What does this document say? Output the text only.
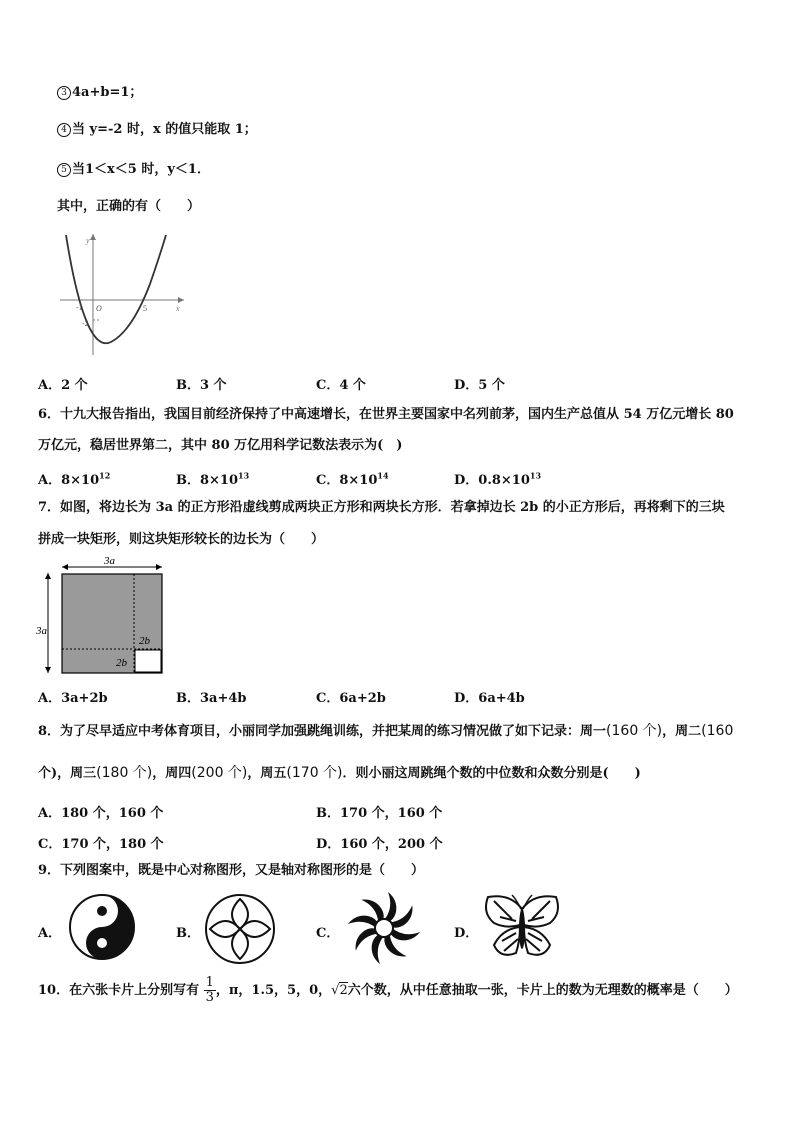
3 4a+b=1；
4 当 y=-2 时，x 的值只能取 1；
5 当1＜x＜5 时，y＜1．
其中，正确的有（　　）
y
x
O
-1	5
-2
A．2 个	B．3 个	C．4 个	D．5 个
6．十九大报告指出，我国目前经济保持了中高速增长，在世界主要国家中名列前茅，国内生产总值从 54 万亿元增长 80
万亿元，稳居世界第二，其中 80 万亿用科学记数法表示为(　)
A．$8\times 10^{12}$	B．$8\times 10^{13}$	C．$8\times 10^{14}$	D．$0.8\times 10^{13}$
7．如图，将边长为 3a 的正方形沿虚线剪成两块正方形和两块长方形．若拿掉边长 2b 的小正方形后，再将剩下的三块
拼成一块矩形，则这块矩形较长的边长为（　　）
3a
3a
2b
2b
A．3a+2b	B．3a+4b	C．6a+2b	D．6a+4b
8．为了尽早适应中考体育项目，小丽同学加强跳绳训练，并把某周的练习情况做了如下记录：周一(160 个)，周二(160
个)，周三(180 个)，周四(200 个)，周五(170 个)．则小丽这周跳绳个数的中位数和众数分别是(　　)
A．180 个，160 个	B．170 个，160 个
C．170 个，180 个	D．160 个，200 个
9．下列图案中，既是中心对称图形，又是轴对称图形的是（　　）
A．	B．	C．	D．
10．在六张卡片上分别写有 $\frac{1}{3}$ ，π，1.5，5，0，√2六个数，从中任意抽取一张，卡片上的数为无理数的概率是（　　）
